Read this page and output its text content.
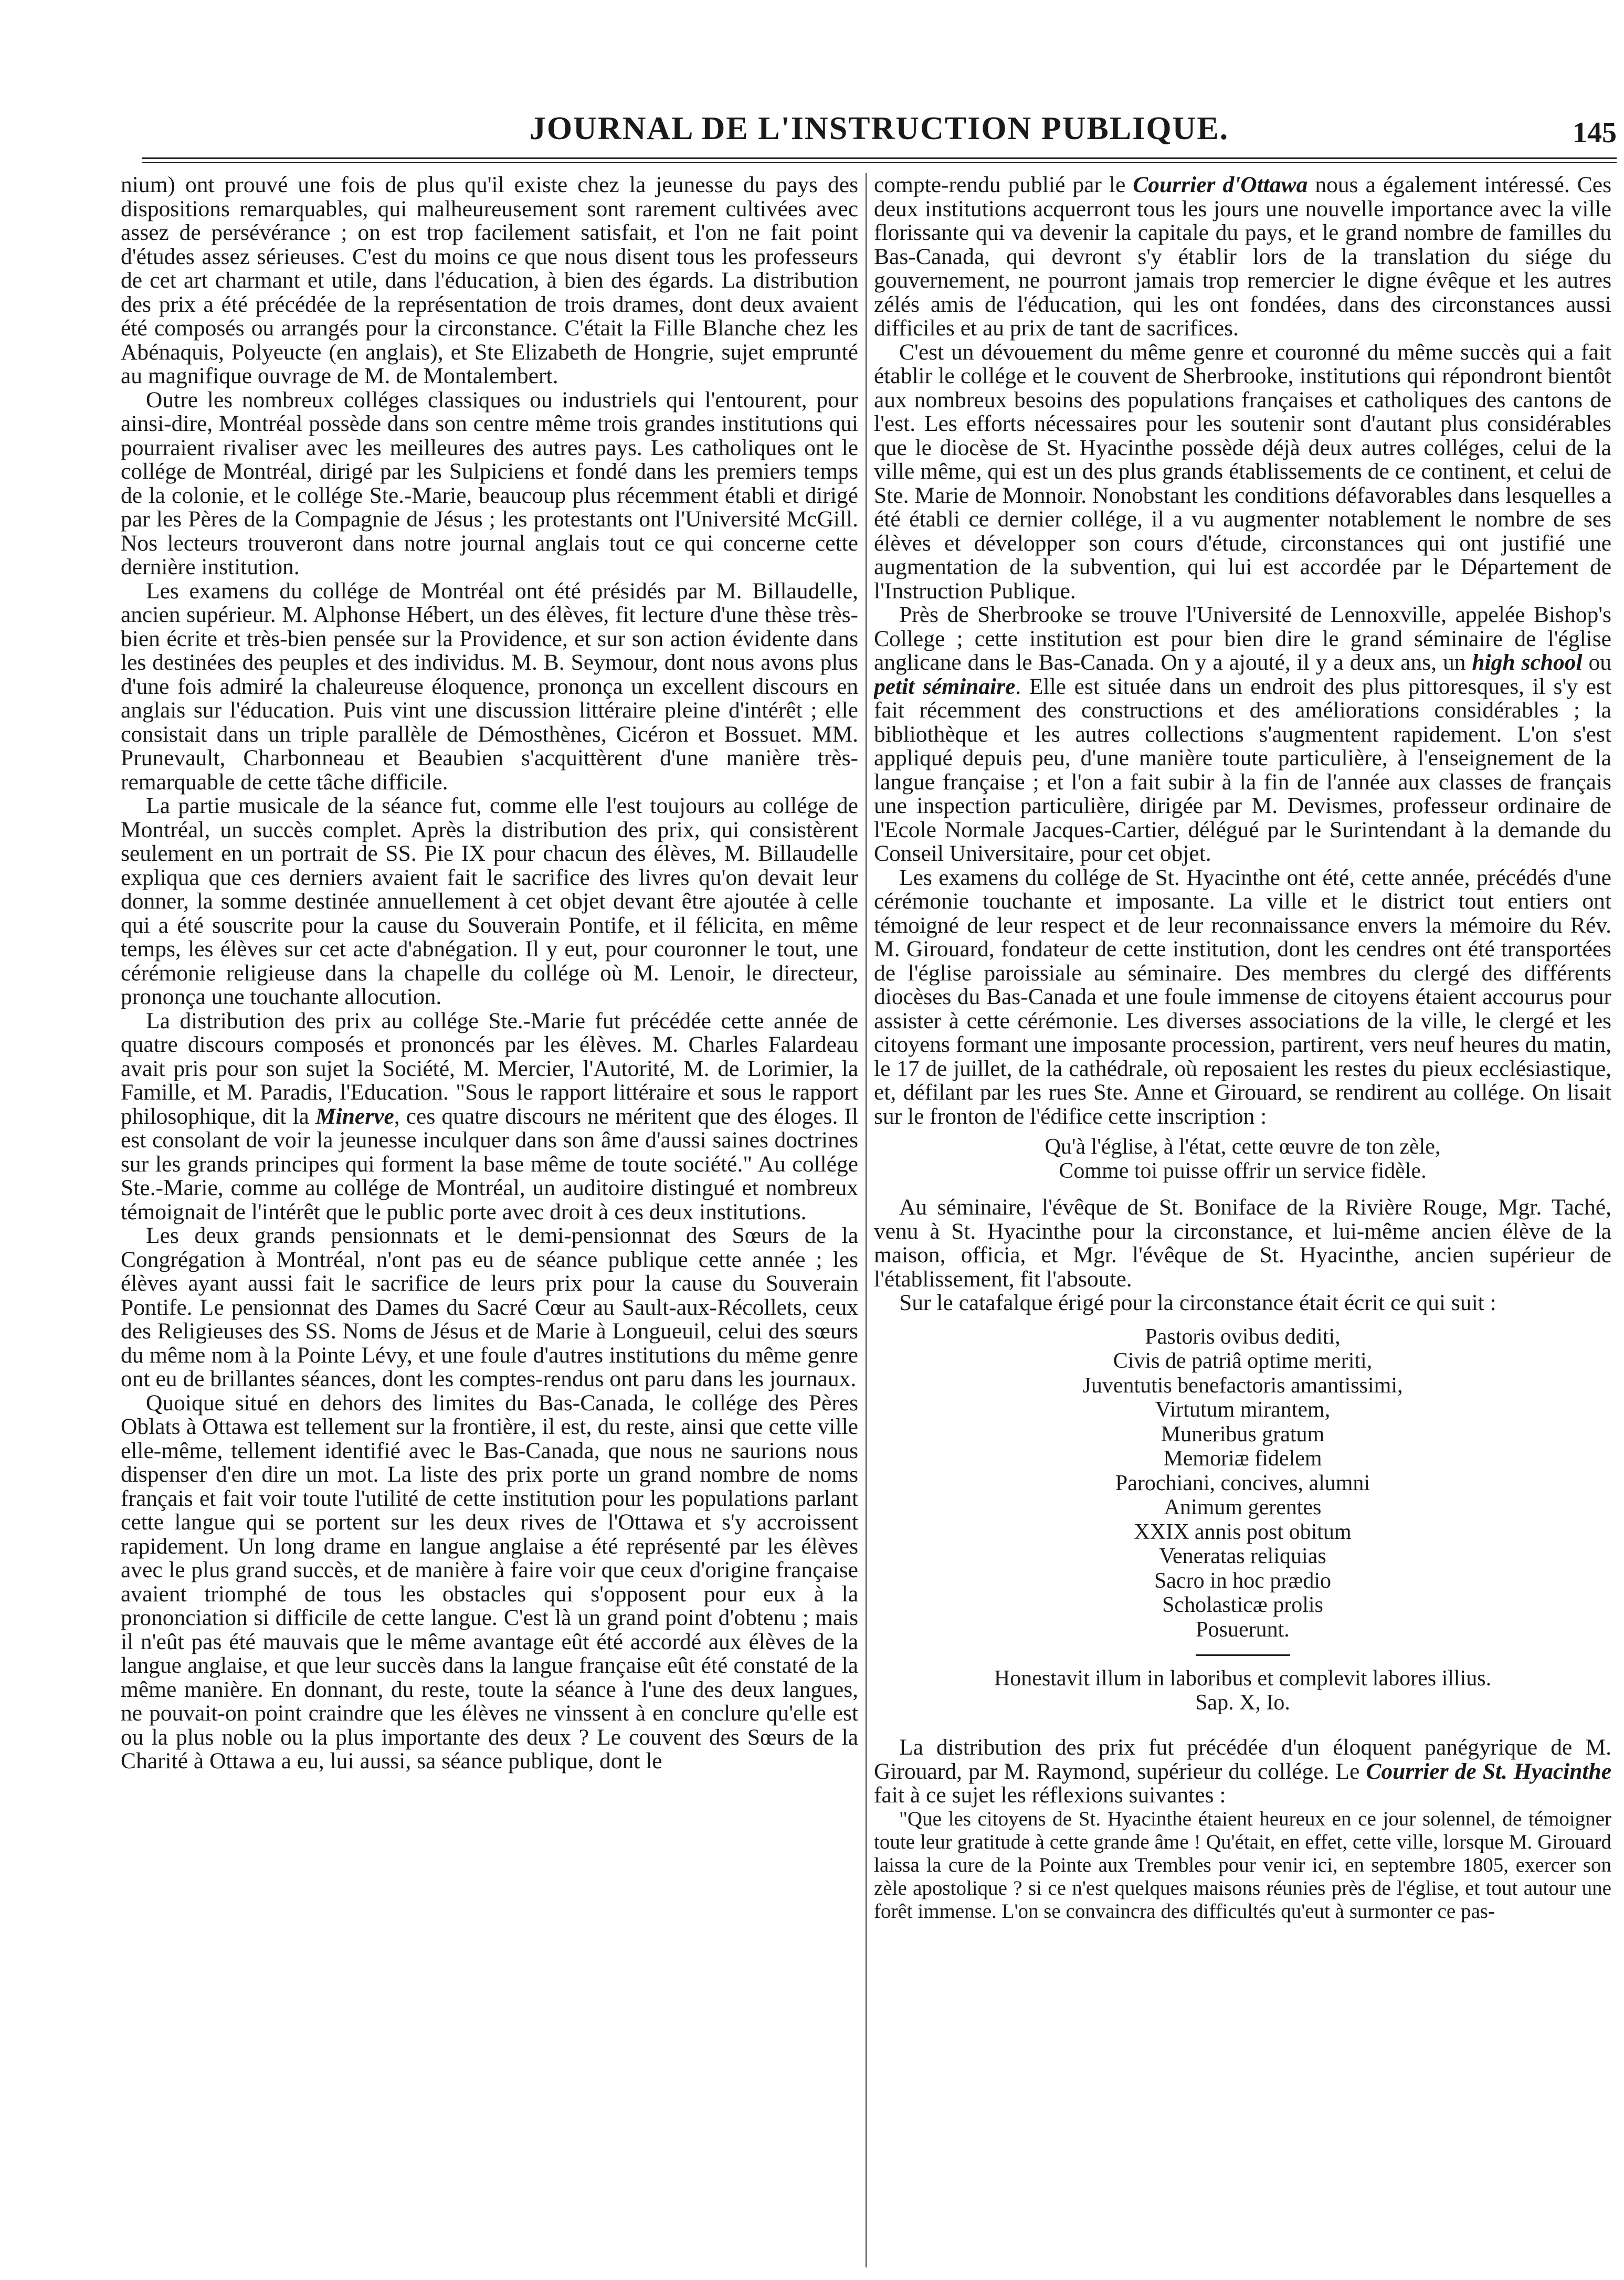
JOURNAL DE L'INSTRUCTION PUBLIQUE.	145

nium) ont prouvé une fois de plus qu'il existe chez la jeunesse du pays des dispositions remarquables, qui malheureusement sont rarement cultivées avec assez de persévérance ; on est trop facilement satisfait, et l'on ne fait point d'études assez sérieuses. C'est du moins ce que nous disent tous les professeurs de cet art charmant et utile, dans l'éducation, à bien des égards. La distribution des prix a été précédée de la représentation de trois drames, dont deux avaient été composés ou arrangés pour la circonstance. C'était la Fille Blanche chez les Abénaquis, Polyeucte (en anglais), et Ste Elizabeth de Hongrie, sujet emprunté au magnifique ouvrage de M. de Montalembert.

Outre les nombreux colléges classiques ou industriels qui l'entourent, pour ainsi-dire, Montréal possède dans son centre même trois grandes institutions qui pourraient rivaliser avec les meilleures des autres pays. Les catholiques ont le collége de Montréal, dirigé par les Sulpiciens et fondé dans les premiers temps de la colonie, et le collége Ste.-Marie, beaucoup plus récemment établi et dirigé par les Pères de la Compagnie de Jésus ; les protestants ont l'Université McGill. Nos lecteurs trouveront dans notre journal anglais tout ce qui concerne cette dernière institution.

Les examens du collége de Montréal ont été présidés par M. Billaudelle, ancien supérieur. M. Alphonse Hébert, un des élèves, fit lecture d'une thèse très-bien écrite et très-bien pensée sur la Providence, et sur son action évidente dans les destinées des peuples et des individus. M. B. Seymour, dont nous avons plus d'une fois admiré la chaleureuse éloquence, prononça un excellent discours en anglais sur l'éducation. Puis vint une discussion littéraire pleine d'intérêt ; elle consistait dans un triple parallèle de Démosthènes, Cicéron et Bossuet. MM. Prunevault, Charbonneau et Beaubien s'acquittèrent d'une manière très-remarquable de cette tâche difficile.

La partie musicale de la séance fut, comme elle l'est toujours au collége de Montréal, un succès complet. Après la distribution des prix, qui consistèrent seulement en un portrait de SS. Pie IX pour chacun des élèves, M. Billaudelle expliqua que ces derniers avaient fait le sacrifice des livres qu'on devait leur donner, la somme destinée annuellement à cet objet devant être ajoutée à celle qui a été souscrite pour la cause du Souverain Pontife, et il félicita, en même temps, les élèves sur cet acte d'abnégation. Il y eut, pour couronner le tout, une cérémonie religieuse dans la chapelle du collége où M. Lenoir, le directeur, prononça une touchante allocution.

La distribution des prix au collége Ste.-Marie fut précédée cette année de quatre discours composés et prononcés par les élèves. M. Charles Falardeau avait pris pour son sujet la Société, M. Mercier, l'Autorité, M. de Lorimier, la Famille, et M. Paradis, l'Education. "Sous le rapport littéraire et sous le rapport philosophique, dit la Minerve, ces quatre discours ne méritent que des éloges. Il est consolant de voir la jeunesse inculquer dans son âme d'aussi saines doctrines sur les grands principes qui forment la base même de toute société." Au collége Ste.-Marie, comme au collége de Montréal, un auditoire distingué et nombreux témoignait de l'intérêt que le public porte avec droit à ces deux institutions.

Les deux grands pensionnats et le demi-pensionnat des Sœurs de la Congrégation à Montréal, n'ont pas eu de séance publique cette année ; les élèves ayant aussi fait le sacrifice de leurs prix pour la cause du Souverain Pontife. Le pensionnat des Dames du Sacré Cœur au Sault-aux-Récollets, ceux des Religieuses des SS. Noms de Jésus et de Marie à Longueuil, celui des sœurs du même nom à la Pointe Lévy, et une foule d'autres institutions du même genre ont eu de brillantes séances, dont les comptes-rendus ont paru dans les journaux.

Quoique situé en dehors des limites du Bas-Canada, le collége des Pères Oblats à Ottawa est tellement sur la frontière, il est, du reste, ainsi que cette ville elle-même, tellement identifié avec le Bas-Canada, que nous ne saurions nous dispenser d'en dire un mot. La liste des prix porte un grand nombre de noms français et fait voir toute l'utilité de cette institution pour les populations parlant cette langue qui se portent sur les deux rives de l'Ottawa et s'y accroissent rapidement. Un long drame en langue anglaise a été représenté par les élèves avec le plus grand succès, et de manière à faire voir que ceux d'origine française avaient triomphé de tous les obstacles qui s'opposent pour eux à la prononciation si difficile de cette langue. C'est là un grand point d'obtenu ; mais il n'eût pas été mauvais que le même avantage eût été accordé aux élèves de la langue anglaise, et que leur succès dans la langue française eût été constaté de la même manière. En donnant, du reste, toute la séance à l'une des deux langues, ne pouvait-on point craindre que les élèves ne vinssent à en conclure qu'elle est ou la plus noble ou la plus importante des deux ? Le couvent des Sœurs de la Charité à Ottawa a eu, lui aussi, sa séance publique, dont le

compte-rendu publié par le Courrier d'Ottawa nous a également intéressé. Ces deux institutions acquerront tous les jours une nouvelle importance avec la ville florissante qui va devenir la capitale du pays, et le grand nombre de familles du Bas-Canada, qui devront s'y établir lors de la translation du siége du gouvernement, ne pourront jamais trop remercier le digne évêque et les autres zélés amis de l'éducation, qui les ont fondées, dans des circonstances aussi difficiles et au prix de tant de sacrifices.

C'est un dévouement du même genre et couronné du même succès qui a fait établir le collége et le couvent de Sherbrooke, institutions qui répondront bientôt aux nombreux besoins des populations françaises et catholiques des cantons de l'est. Les efforts nécessaires pour les soutenir sont d'autant plus considérables que le diocèse de St. Hyacinthe possède déjà deux autres colléges, celui de la ville même, qui est un des plus grands établissements de ce continent, et celui de Ste. Marie de Monnoir. Nonobstant les conditions défavorables dans lesquelles a été établi ce dernier collége, il a vu augmenter notablement le nombre de ses élèves et développer son cours d'étude, circonstances qui ont justifié une augmentation de la subvention, qui lui est accordée par le Département de l'Instruction Publique.

Près de Sherbrooke se trouve l'Université de Lennoxville, appelée Bishop's College ; cette institution est pour bien dire le grand séminaire de l'église anglicane dans le Bas-Canada. On y a ajouté, il y a deux ans, un high school ou petit séminaire. Elle est située dans un endroit des plus pittoresques, il s'y est fait récemment des constructions et des améliorations considérables ; la bibliothèque et les autres collections s'augmentent rapidement. L'on s'est appliqué depuis peu, d'une manière toute particulière, à l'enseignement de la langue française ; et l'on a fait subir à la fin de l'année aux classes de français une inspection particulière, dirigée par M. Devismes, professeur ordinaire de l'Ecole Normale Jacques-Cartier, délégué par le Surintendant à la demande du Conseil Universitaire, pour cet objet.

Les examens du collége de St. Hyacinthe ont été, cette année, précédés d'une cérémonie touchante et imposante. La ville et le district tout entiers ont témoigné de leur respect et de leur reconnaissance envers la mémoire du Rév. M. Girouard, fondateur de cette institution, dont les cendres ont été transportées de l'église paroissiale au séminaire. Des membres du clergé des différents diocèses du Bas-Canada et une foule immense de citoyens étaient accourus pour assister à cette cérémonie. Les diverses associations de la ville, le clergé et les citoyens formant une imposante procession, partirent, vers neuf heures du matin, le 17 de juillet, de la cathédrale, où reposaient les restes du pieux ecclésiastique, et, défilant par les rues Ste. Anne et Girouard, se rendirent au collége. On lisait sur le fronton de l'édifice cette inscription :

Qu'à l'église, à l'état, cette œuvre de ton zèle,
Comme toi puisse offrir un service fidèle.

Au séminaire, l'évêque de St. Boniface de la Rivière Rouge, Mgr. Taché, venu à St. Hyacinthe pour la circonstance, et lui-même ancien élève de la maison, officia, et Mgr. l'évêque de St. Hyacinthe, ancien supérieur de l'établissement, fit l'absoute.

Sur le catafalque érigé pour la circonstance était écrit ce qui suit :

Pastoris ovibus dediti,
Civis de patriâ optime meriti,
Juventutis benefactoris amantissimi,
Virtutum mirantem,
Muneribus gratum
Memoriæ fidelem
Parochiani, concives, alumni
Animum gerentes
XXIX annis post obitum
Veneratas reliquias
Sacro in hoc prædio
Scholasticæ prolis
Posuerunt.
Honestavit illum in laboribus et complevit labores illius.
Sap. X, Io.

La distribution des prix fut précédée d'un éloquent panégyrique de M. Girouard, par M. Raymond, supérieur du collége. Le Courrier de St. Hyacinthe fait à ce sujet les réflexions suivantes :

"Que les citoyens de St. Hyacinthe étaient heureux en ce jour solennel, de témoigner toute leur gratitude à cette grande âme ! Qu'était, en effet, cette ville, lorsque M. Girouard laissa la cure de la Pointe aux Trembles pour venir ici, en septembre 1805, exercer son zèle apostolique ? si ce n'est quelques maisons réunies près de l'église, et tout autour une forêt immense. L'on se convaincra des difficultés qu'eut à surmonter ce pas-
